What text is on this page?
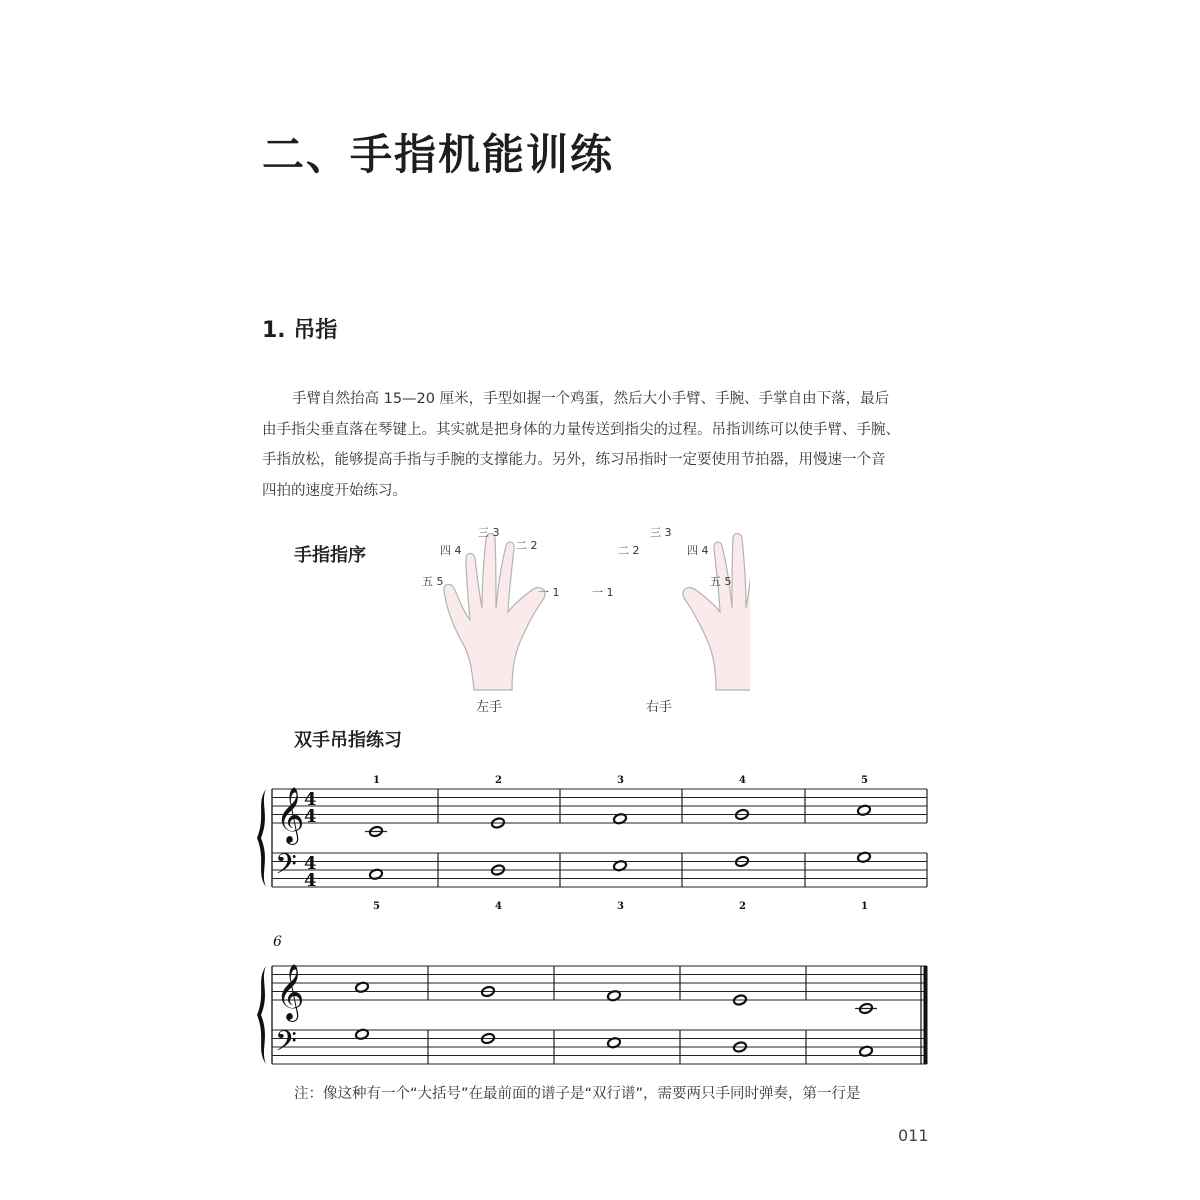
二、手指机能训练
1. 吊指
手臂自然抬高 15—20 厘米，手型如握一个鸡蛋，然后大小手臂、手腕、手掌自由下落，最后
由手指尖垂直落在琴键上。其实就是把身体的力量传送到指尖的过程。吊指训练可以使手臂、手腕、
手指放松，能够提高手指与手腕的支撑能力。另外，练习吊指时一定要使用节拍器，用慢速一个音
四拍的速度开始练习。

手指指序	四 4
三 3
二 2
五 5
一 1
左手
二 2
三 3
四 4
五 5
一 1
右手

双手吊指练习

𝄞
𝄢
4
4
4
4
1
5
2
4
3
3
4
2
5
1
𝄞
𝄢
6

注：像这种有一个“大括号”在最前面的谱子是“双行谱”，需要两只手同时弹奏，第一行是

011
